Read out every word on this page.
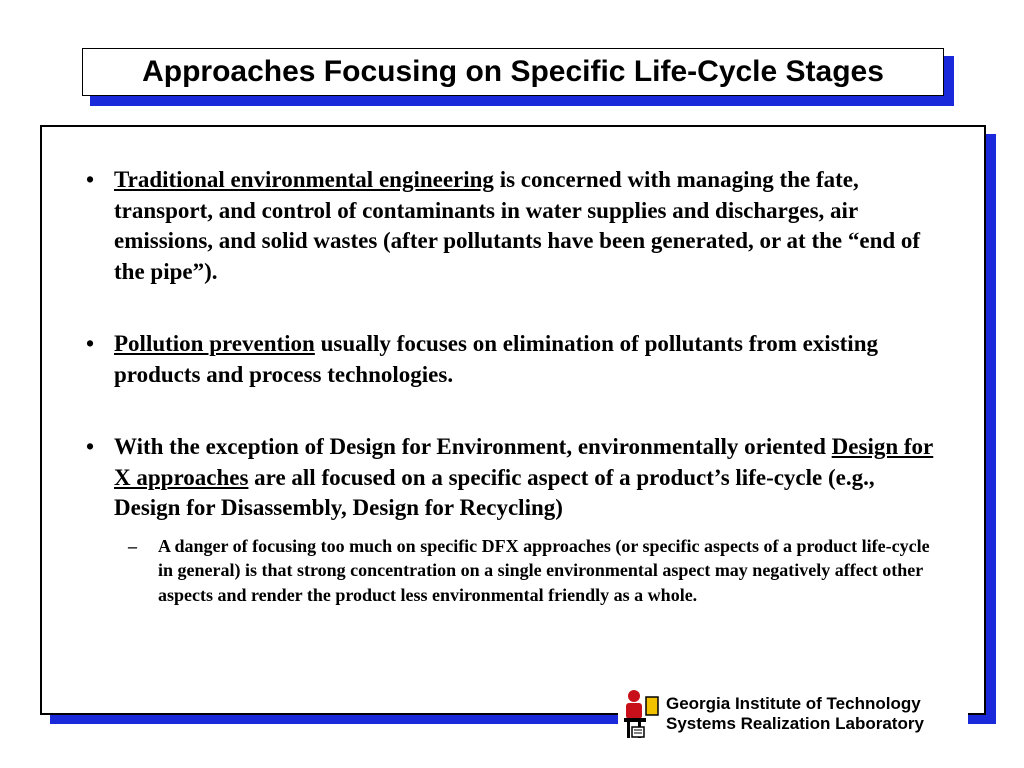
Approaches Focusing on Specific Life-Cycle Stages
• Traditional environmental engineering is concerned with managing the fate, transport, and control of contaminants in water supplies and discharges, air emissions, and solid wastes (after pollutants have been generated, or at the “end of the pipe”).
• Pollution prevention usually focuses on elimination of pollutants from existing products and process technologies.
• With the exception of Design for Environment, environmentally oriented Design for X approaches are all focused on a specific aspect of a product’s life-cycle (e.g., Design for Disassembly, Design for Recycling)
– A danger of focusing too much on specific DFX approaches (or specific aspects of a product life-cycle in general) is that strong concentration on a single environmental aspect may negatively affect other aspects and render the product less environmental friendly as a whole.
Georgia Institute of Technology
Systems Realization Laboratory
